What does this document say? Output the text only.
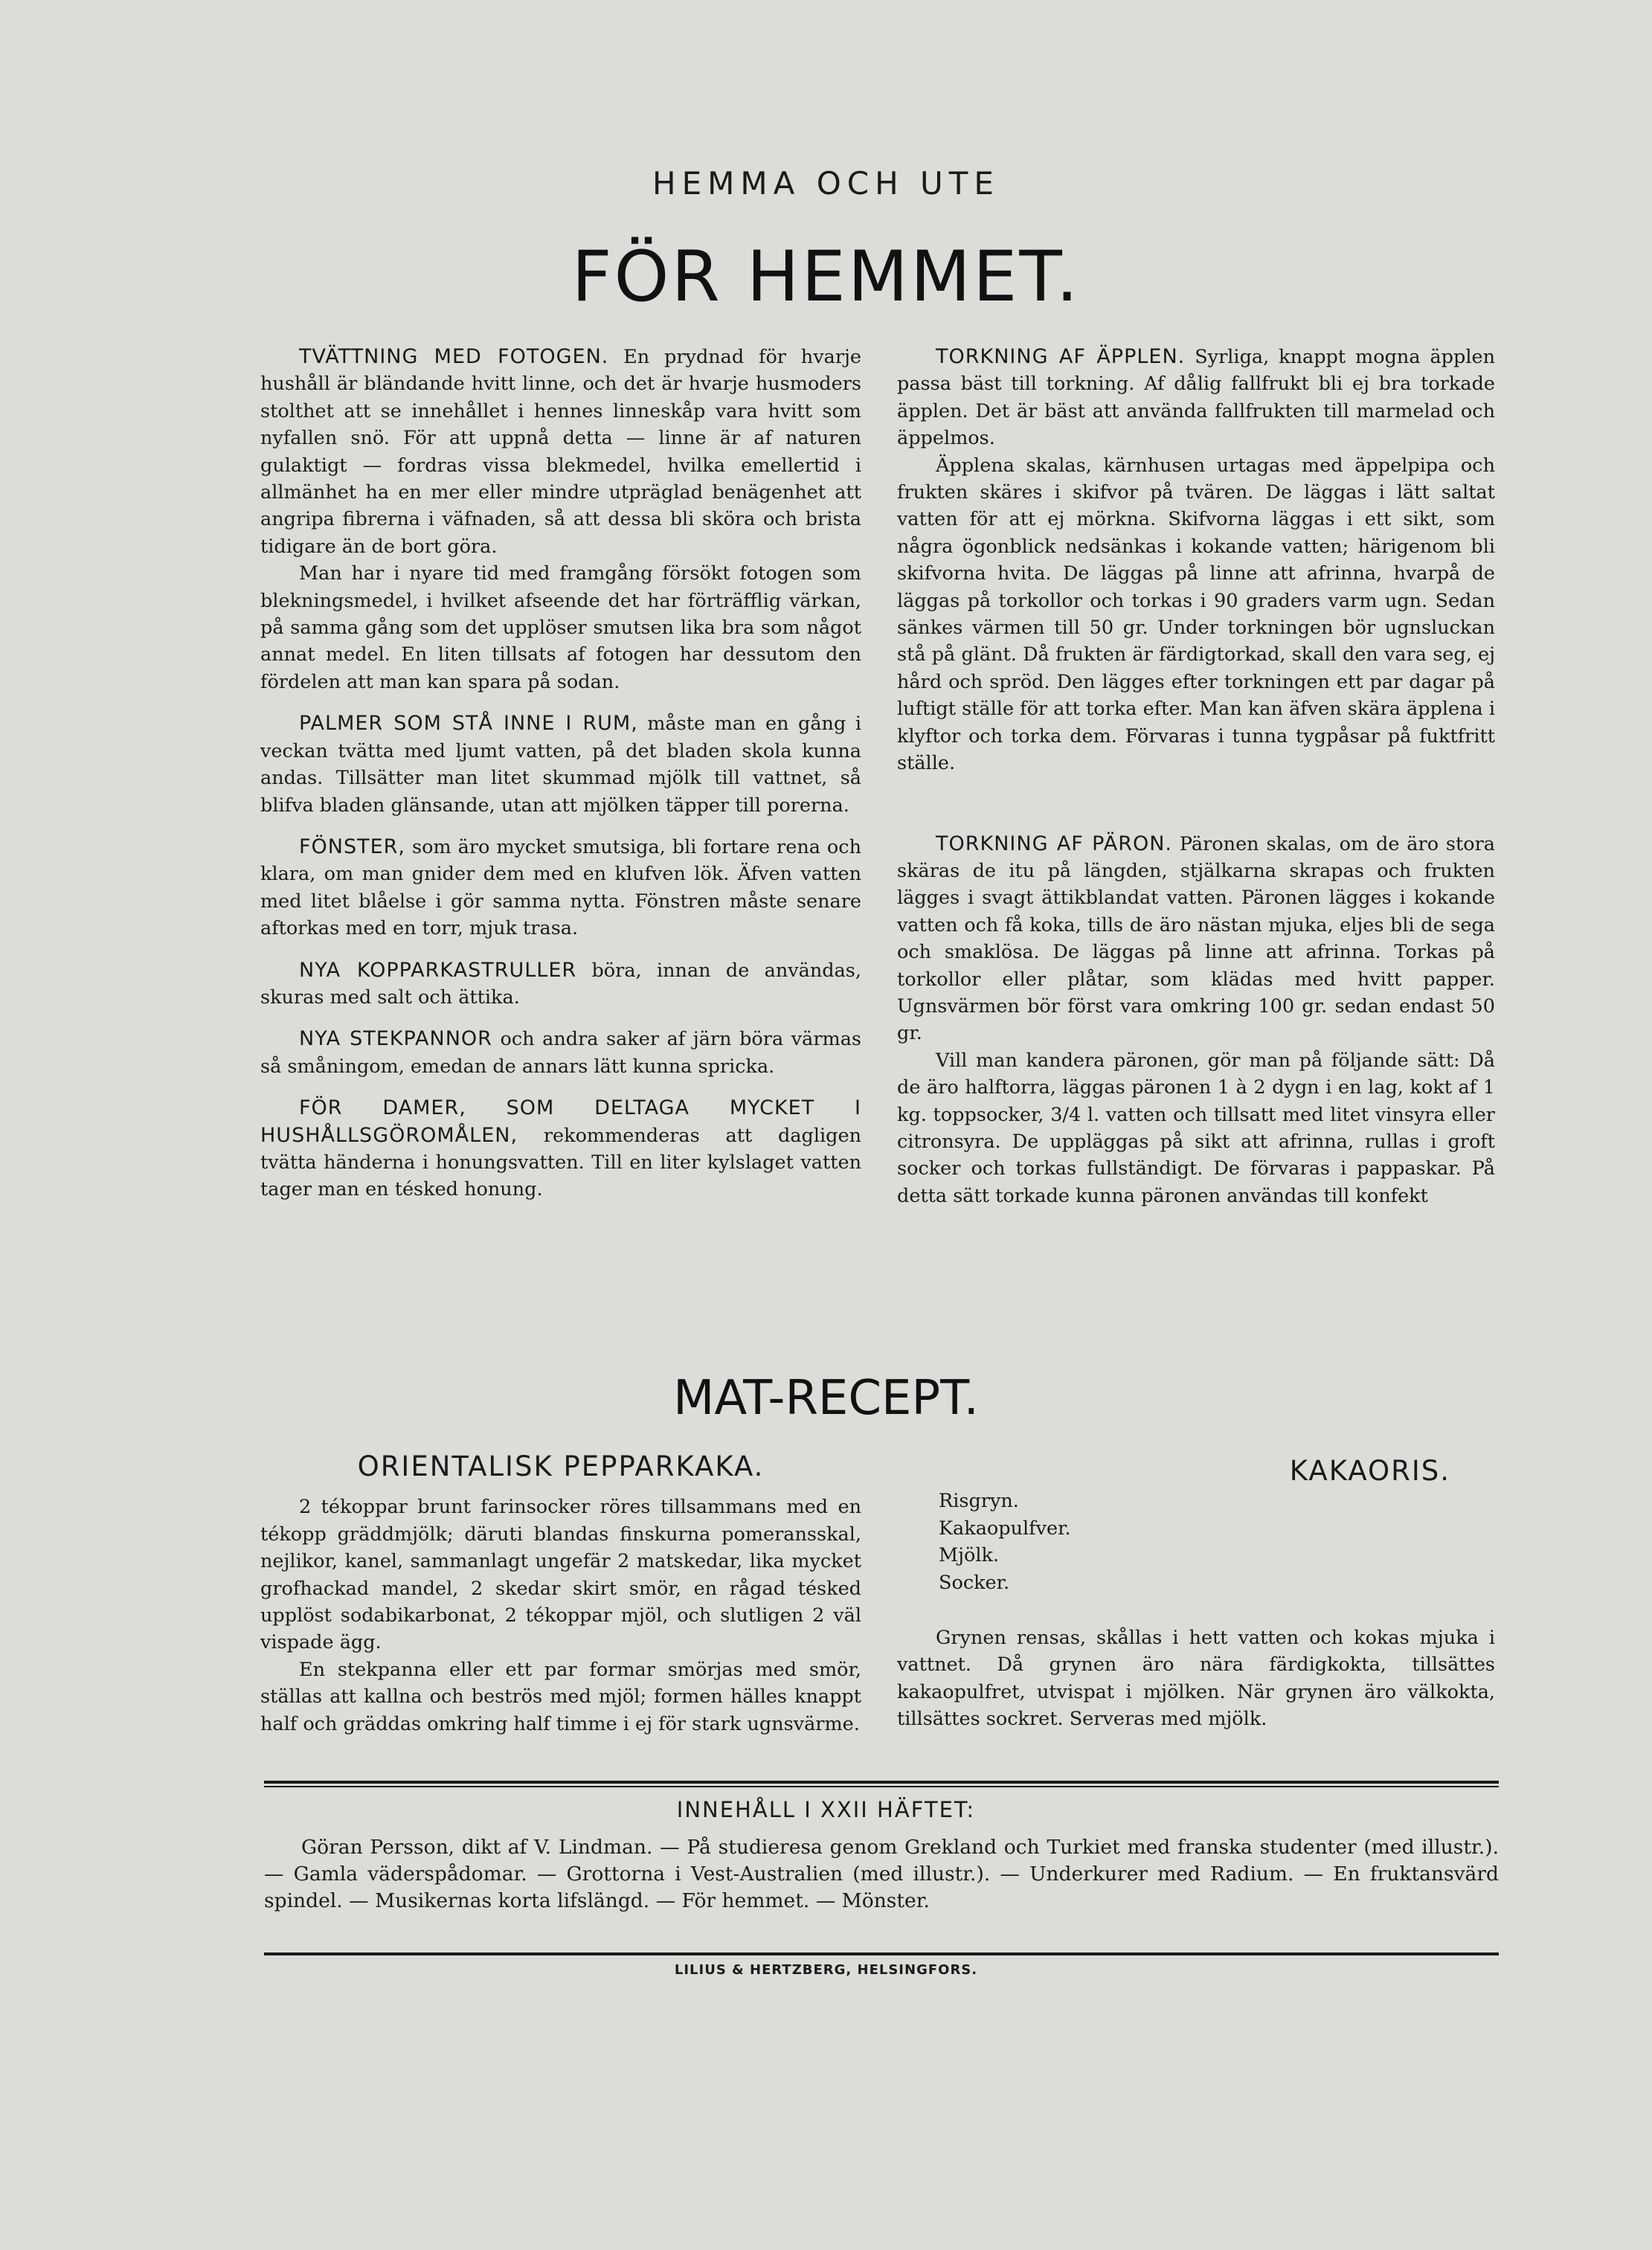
HEMMA OCH UTE
FÖR HEMMET.

TVÄTTNING MED FOTOGEN. En prydnad för hvarje hushåll är bländande hvitt linne, och det är hvarje husmoders stolthet att se innehållet i hennes linneskåp vara hvitt som nyfallen snö. För att uppnå detta — linne är af naturen gulaktigt — fordras vissa blekmedel, hvilka emellertid i allmänhet ha en mer eller mindre utpräglad benägenhet att angripa fibrerna i väfnaden, så att dessa bli sköra och brista tidigare än de bort göra.

Man har i nyare tid med framgång försökt fotogen som blekningsmedel, i hvilket afseende det har förträfflig värkan, på samma gång som det upplöser smutsen lika bra som något annat medel. En liten tillsats af fotogen har dessutom den fördelen att man kan spara på sodan.

PALMER SOM STÅ INNE I RUM, måste man en gång i veckan tvätta med ljumt vatten, på det bladen skola kunna andas. Tillsätter man litet skummad mjölk till vattnet, så blifva bladen glänsande, utan att mjölken täpper till porerna.

FÖNSTER, som äro mycket smutsiga, bli fortare rena och klara, om man gnider dem med en klufven lök. Äfven vatten med litet blåelse i gör samma nytta. Fönstren måste senare aftorkas med en torr, mjuk trasa.

NYA KOPPARKASTRULLER böra, innan de användas, skuras med salt och ättika.

NYA STEKPANNOR och andra saker af järn böra värmas så småningom, emedan de annars lätt kunna spricka.

FÖR DAMER, SOM DELTAGA MYCKET I HUSHÅLLSGÖROMÅLEN, rekommenderas att dagligen tvätta händerna i honungsvatten. Till en liter kylslaget vatten tager man en tésked honung.

TORKNING AF ÄPPLEN. Syrliga, knappt mogna äpplen passa bäst till torkning. Af dålig fallfrukt bli ej bra torkade äpplen. Det är bäst att använda fallfrukten till marmelad och äppelmos.

Äpplena skalas, kärnhusen urtagas med äppelpipa och frukten skäres i skifvor på tvären. De läggas i lätt saltat vatten för att ej mörkna. Skifvorna läggas i ett sikt, som några ögonblick nedsänkas i kokande vatten; härigenom bli skifvorna hvita. De läggas på linne att afrinna, hvarpå de läggas på torkollor och torkas i 90 graders varm ugn. Sedan sänkes värmen till 50 gr. Under torkningen bör ugnsluckan stå på glänt. Då frukten är färdigtorkad, skall den vara seg, ej hård och spröd. Den lägges efter torkningen ett par dagar på luftigt ställe för att torka efter. Man kan äfven skära äpplena i klyftor och torka dem. Förvaras i tunna tygpåsar på fuktfritt ställe.

TORKNING AF PÄRON. Päronen skalas, om de äro stora skäras de itu på längden, stjälkarna skrapas och frukten lägges i svagt ättikblandat vatten. Päronen lägges i kokande vatten och få koka, tills de äro nästan mjuka, eljes bli de sega och smaklösa. De läggas på linne att afrinna. Torkas på torkollor eller plåtar, som klädas med hvitt papper. Ugnsvärmen bör först vara omkring 100 gr. sedan endast 50 gr.

Vill man kandera päronen, gör man på följande sätt: Då de äro halftorra, läggas päronen 1 à 2 dygn i en lag, kokt af 1 kg. toppsocker, 3/4 l. vatten och tillsatt med litet vinsyra eller citronsyra. De uppläggas på sikt att afrinna, rullas i groft socker och torkas fullständigt. De förvaras i pappaskar. På detta sätt torkade kunna päronen användas till konfekt

MAT-RECEPT.
ORIENTALISK PEPPARKAKA.

2 tékoppar brunt farinsocker röres tillsammans med en tékopp gräddmjölk; däruti blandas finskurna pomeransskal, nejlikor, kanel, sammanlagt ungefär 2 matskedar, lika mycket grofhackad mandel, 2 skedar skirt smör, en rågad tésked upplöst sodabikarbonat, 2 tékoppar mjöl, och slutligen 2 väl vispade ägg.

En stekpanna eller ett par formar smörjas med smör, ställas att kallna och beströs med mjöl; formen hälles knappt half och gräddas omkring half timme i ej för stark ugnsvärme.

KAKAORIS.

Risgryn.

Kakaopulfver.

Mjölk.

Socker.

Grynen rensas, skållas i hett vatten och kokas mjuka i vattnet. Då grynen äro nära färdigkokta, tillsättes kakaopulfret, utvispat i mjölken. När grynen äro välkokta, tillsättes sockret. Serveras med mjölk.

INNEHÅLL I XXII HÄFTET:

Göran Persson, dikt af V. Lindman. — På studieresa genom Grekland och Turkiet med franska studenter (med illustr.). — Gamla väderspådomar. — Grottorna i Vest-Australien (med illustr.). — Underkurer med Radium. — En fruktansvärd spindel. — Musikernas korta lifslängd. — För hemmet. — Mönster.

LILIUS & HERTZBERG, HELSINGFORS.
